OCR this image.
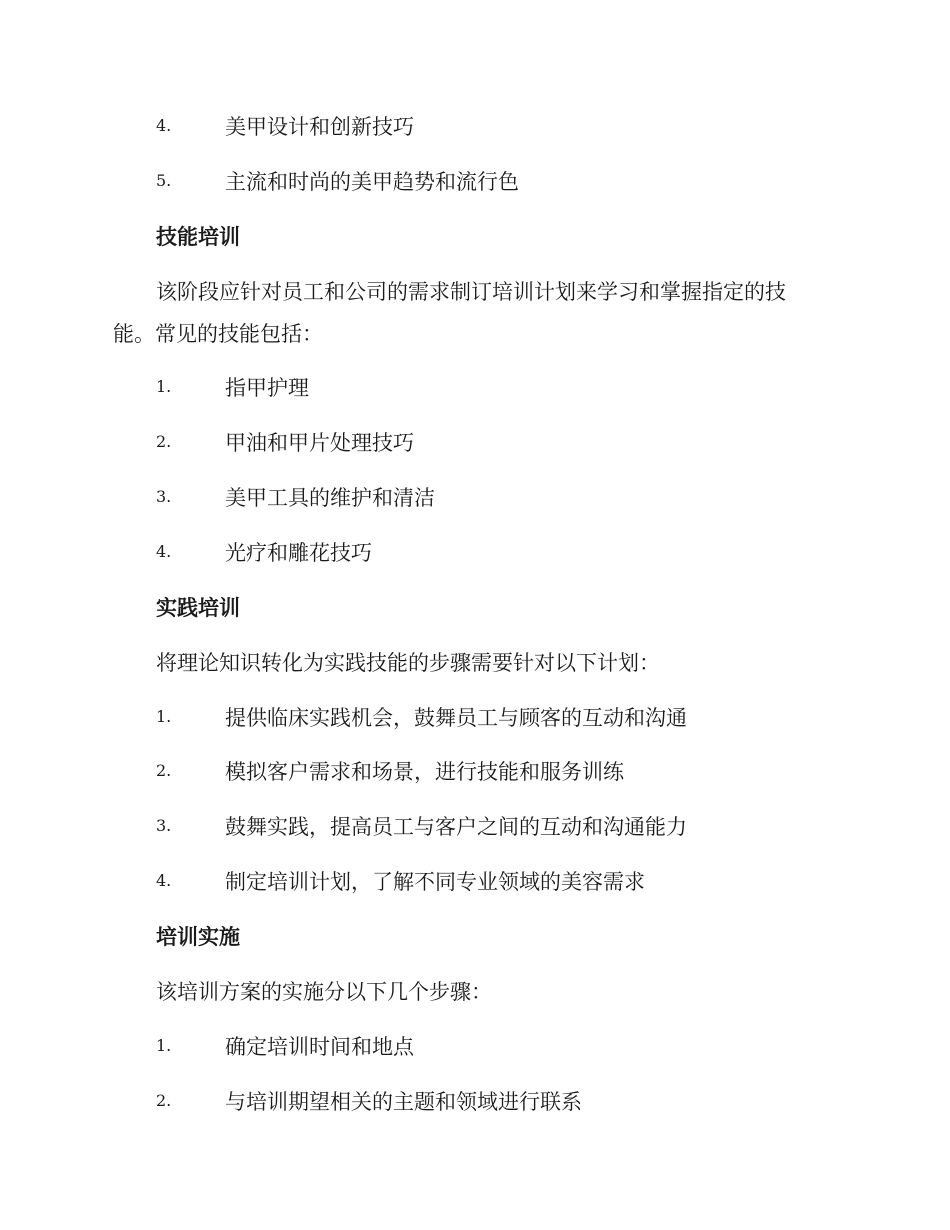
4.	美甲设计和创新技巧
5.	主流和时尚的美甲趋势和流行色
技能培训
该阶段应针对员工和公司的需求制订培训计划来学习和掌握指定的技能。常见的技能包括：
1.	指甲护理
2.	甲油和甲片处理技巧
3.	美甲工具的维护和清洁
4.	光疗和雕花技巧
实践培训
将理论知识转化为实践技能的步骤需要针对以下计划：
1.	提供临床实践机会，鼓舞员工与顾客的互动和沟通
2.	模拟客户需求和场景，进行技能和服务训练
3.	鼓舞实践，提高员工与客户之间的互动和沟通能力
4.	制定培训计划，了解不同专业领域的美容需求
培训实施
该培训方案的实施分以下几个步骤：
1.	确定培训时间和地点
2.	与培训期望相关的主题和领域进行联系
